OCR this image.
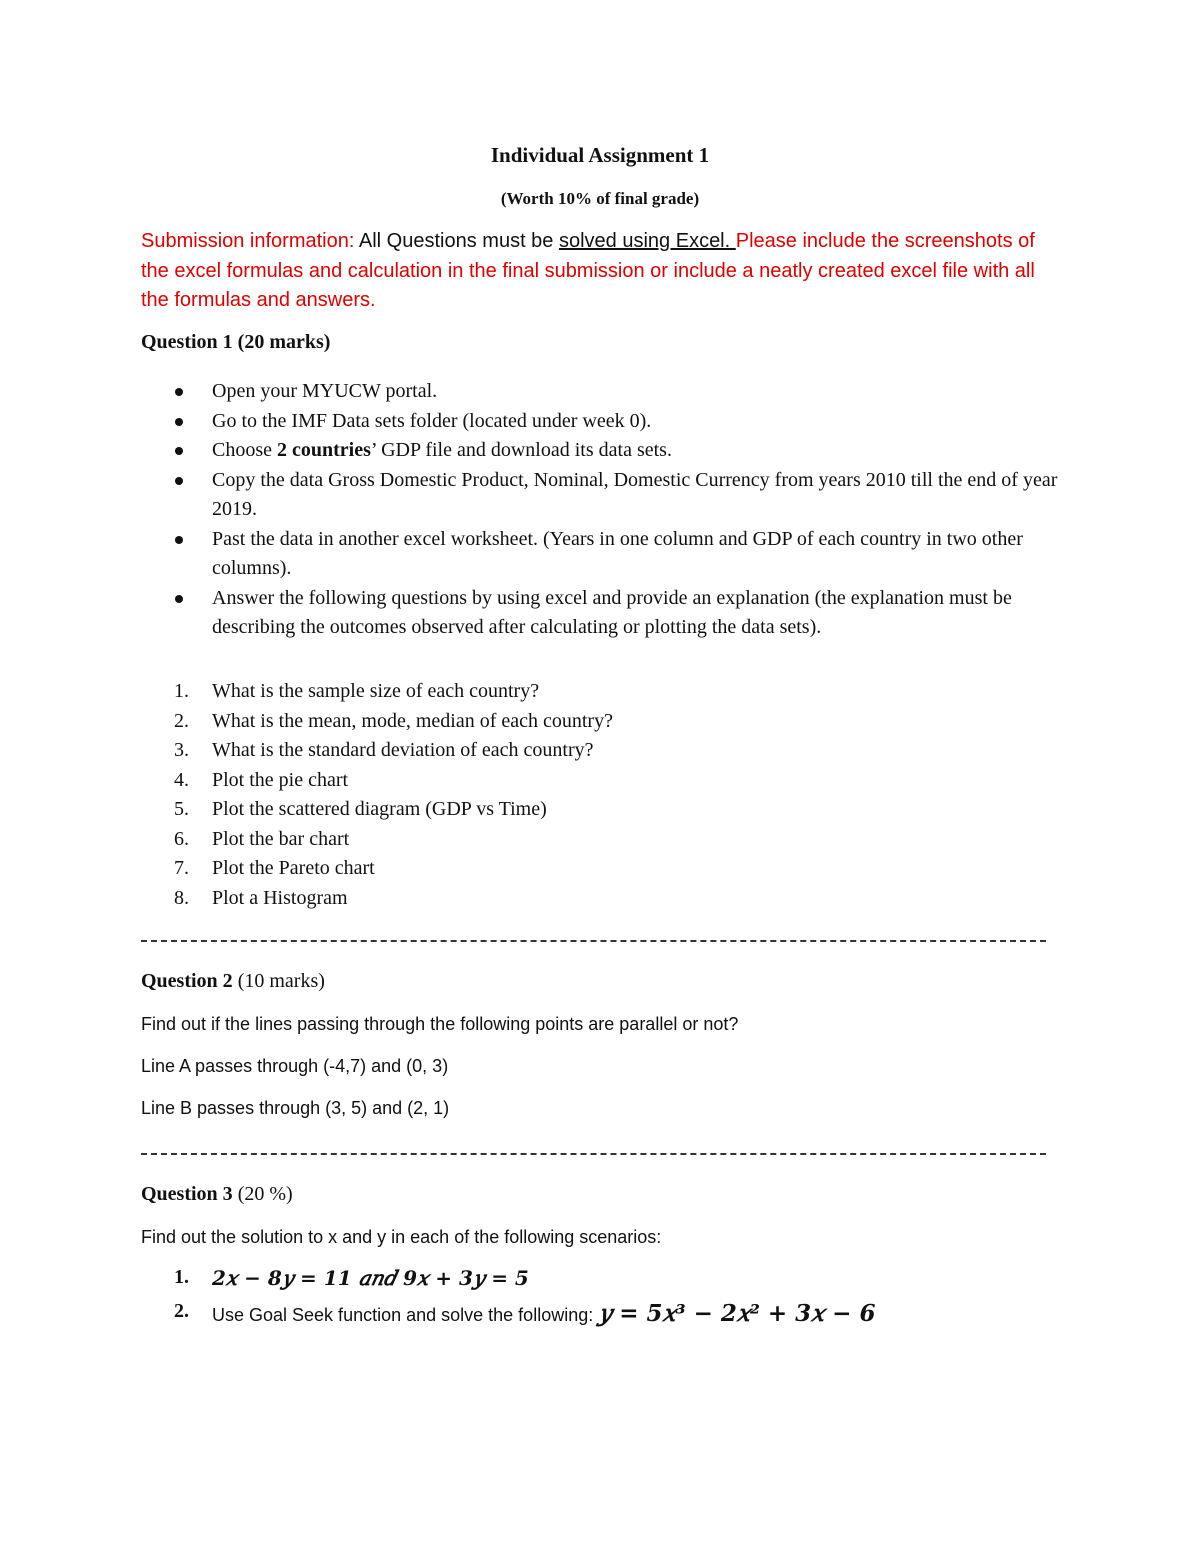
Individual Assignment 1
(Worth 10% of final grade)
Submission information: All Questions must be solved using Excel. Please include the screenshots of the excel formulas and calculation in the final submission or include a neatly created excel file with all the formulas and answers.
Question 1 (20 marks)
Open your MYUCW portal.
Go to the IMF Data sets folder (located under week 0).
Choose 2 countries’ GDP file and download its data sets.
Copy the data Gross Domestic Product, Nominal, Domestic Currency from years 2010 till the end of year 2019.
Past the data in another excel worksheet. (Years in one column and GDP of each country in two other columns).
Answer the following questions by using excel and provide an explanation (the explanation must be describing the outcomes observed after calculating or plotting the data sets).
1. What is the sample size of each country?
2. What is the mean, mode, median of each country?
3. What is the standard deviation of each country?
4. Plot the pie chart
5. Plot the scattered diagram (GDP vs Time)
6. Plot the bar chart
7. Plot the Pareto chart
8. Plot a Histogram
Question 2 (10 marks)
Find out if the lines passing through the following points are parallel or not?
Line A passes through (-4,7) and (0, 3)
Line B passes through (3, 5) and (2, 1)
Question 3 (20 %)
Find out the solution to x and y in each of the following scenarios:
1. 2𝑥 − 8𝑦 = 11 𝑎𝑛𝑑 9𝑥 + 3𝑦 = 5
2. Use Goal Seek function and solve the following: 𝑦 = 5𝑥³ − 2𝑥² + 3𝑥 − 6
